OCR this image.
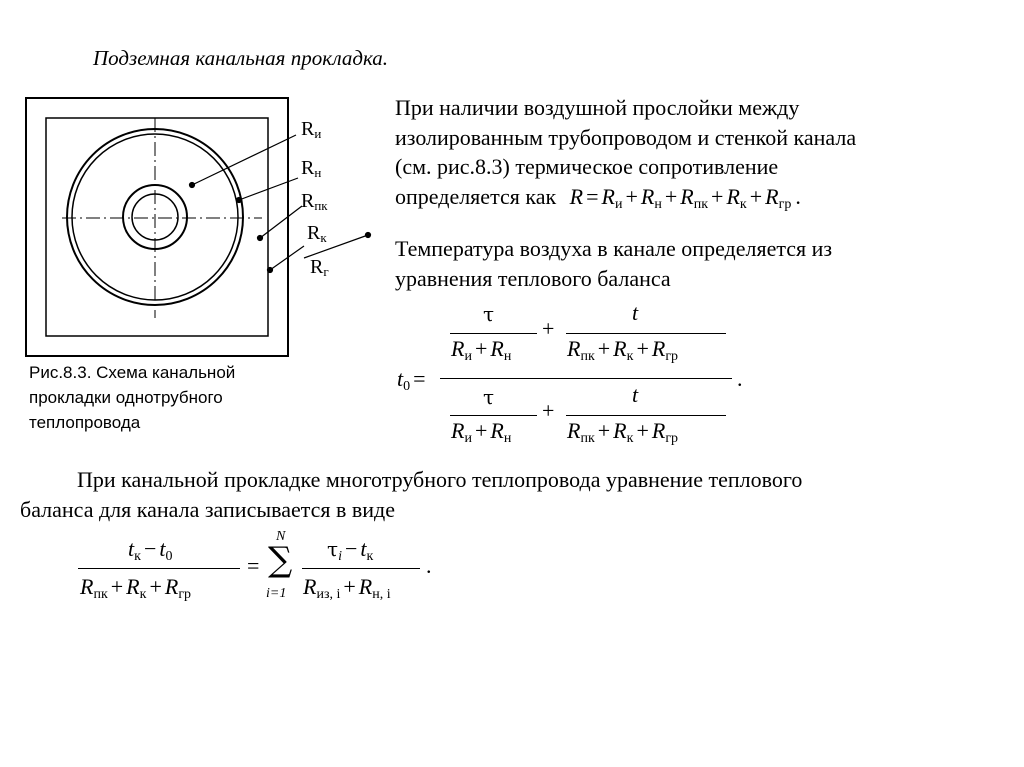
Подземная канальная прокладка.
$R_и$
$R_н$
$R_{пк}$
$R_к$
$R_г$
При наличии воздушной прослойки между
изолированным трубопроводом и стенкой канала
(см. рис.8.3) термическое сопротивление
определяется как $R = R_и + R_н + R_{пк} + R_к + R_{гр}$ .
Температура воздуха в канале определяется из
уравнения теплового баланса
Рис.8.3. Схема канальной
прокладки однотрубного
теплопровода
$t_0$ =	.
τ
$R_и + R_н$
+
t
$R_{пк} + R_к + R_{гр}$
τ
$R_и + R_н$
+
t
$R_{пк} + R_к + R_{гр}$
При канальной прокладке многотрубного теплопровода уравнение теплового
баланса для канала записывается в виде
$t_к - t_0$
$R_{пк} + R_к + R_{гр}$
=
N
∑
i=1
$\tau_i - t_к$
$R_{из, i} + R_{н, i}$
.
